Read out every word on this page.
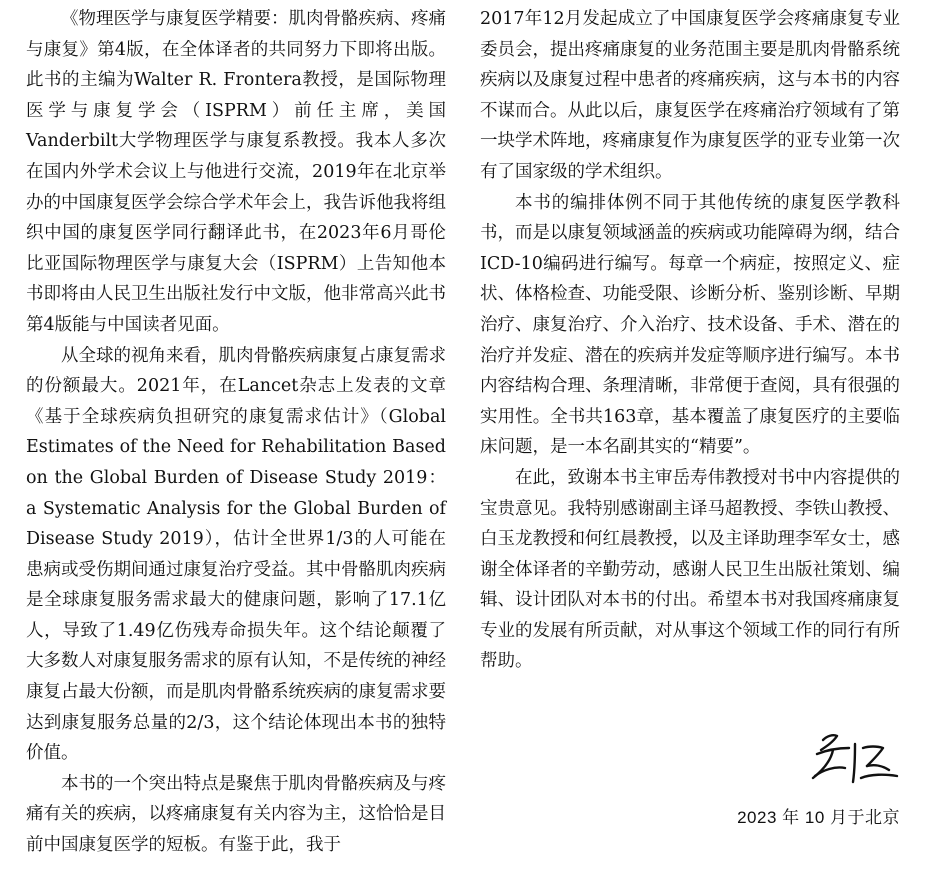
《物理医学与康复医学精要：肌肉骨骼疾病、疼痛与康复》第4版，在全体译者的共同努力下即将出版。此书的主编为Walter R. Frontera教授，是国际物理医学与康复学会（ISPRM）前任主席，美国Vanderbilt大学物理医学与康复系教授。我本人多次在国内外学术会议上与他进行交流，2019年在北京举办的中国康复医学会综合学术年会上，我告诉他我将组织中国的康复医学同行翻译此书，在2023年6月哥伦比亚国际物理医学与康复大会（ISPRM）上告知他本书即将由人民卫生出版社发行中文版，他非常高兴此书第4版能与中国读者见面。

从全球的视角来看，肌肉骨骼疾病康复占康复需求的份额最大。2021年，在Lancet杂志上发表的文章《基于全球疾病负担研究的康复需求估计》（Global Estimates of the Need for Rehabilitation Based on the Global Burden of Disease Study 2019：a Systematic Analysis for the Global Burden of Disease Study 2019），估计全世界1/3的人可能在患病或受伤期间通过康复治疗受益。其中骨骼肌肉疾病是全球康复服务需求最大的健康问题，影响了17.1亿人，导致了1.49亿伤残寿命损失年。这个结论颠覆了大多数人对康复服务需求的原有认知，不是传统的神经康复占最大份额，而是肌肉骨骼系统疾病的康复需求要达到康复服务总量的2/3，这个结论体现出本书的独特价值。

本书的一个突出特点是聚焦于肌肉骨骼疾病及与疼痛有关的疾病，以疼痛康复有关内容为主，这恰恰是目前中国康复医学的短板。有鉴于此，我于

2017年12月发起成立了中国康复医学会疼痛康复专业委员会，提出疼痛康复的业务范围主要是肌肉骨骼系统疾病以及康复过程中患者的疼痛疾病，这与本书的内容不谋而合。从此以后，康复医学在疼痛治疗领域有了第一块学术阵地，疼痛康复作为康复医学的亚专业第一次有了国家级的学术组织。

本书的编排体例不同于其他传统的康复医学教科书，而是以康复领域涵盖的疾病或功能障碍为纲，结合ICD-10编码进行编写。每章一个病症，按照定义、症状、体格检查、功能受限、诊断分析、鉴别诊断、早期治疗、康复治疗、介入治疗、技术设备、手术、潜在的治疗并发症、潜在的疾病并发症等顺序进行编写。本书内容结构合理、条理清晰，非常便于查阅，具有很强的实用性。全书共163章，基本覆盖了康复医疗的主要临床问题，是一本名副其实的“精要”。

在此，致谢本书主审岳寿伟教授对书中内容提供的宝贵意见。我特别感谢副主译马超教授、李铁山教授、白玉龙教授和何红晨教授，以及主译助理李军女士，感谢全体译者的辛勤劳动，感谢人民卫生出版社策划、编辑、设计团队对本书的付出。希望本书对我国疼痛康复专业的发展有所贡献，对从事这个领域工作的同行有所帮助。

2023 年 10 月于北京
